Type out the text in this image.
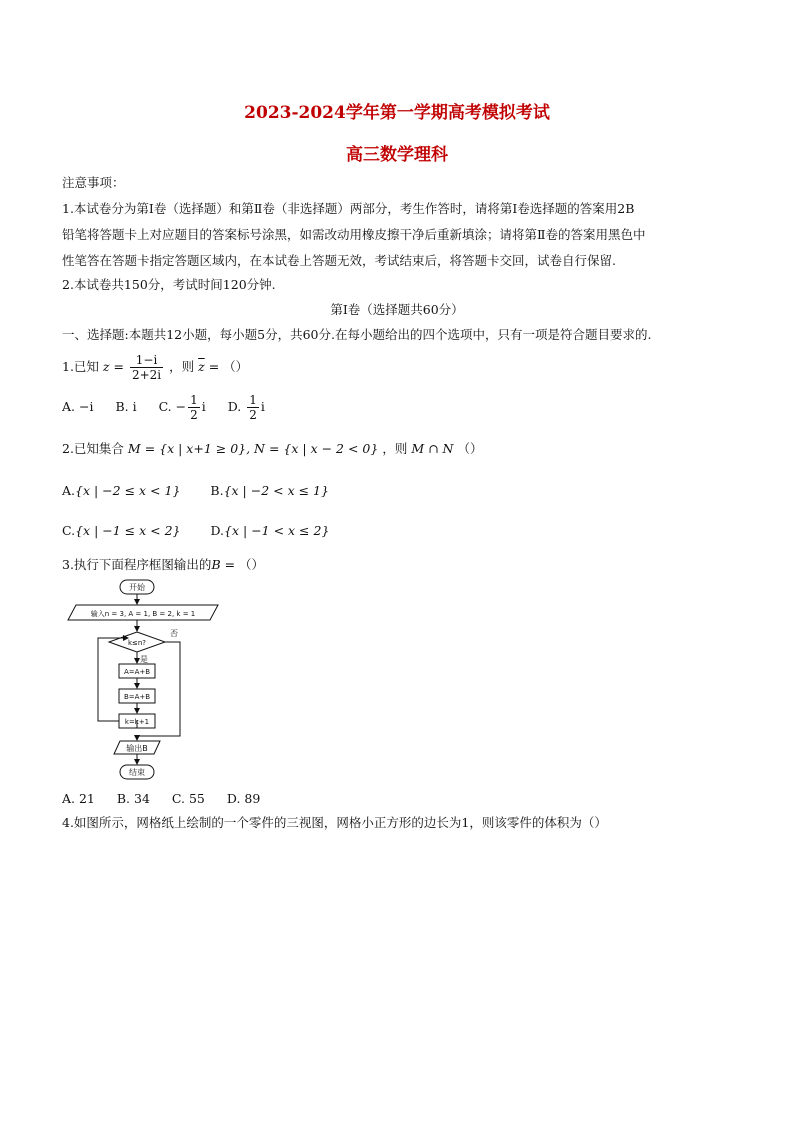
2023-2024学年第一学期高考模拟考试
高三数学理科
注意事项：
1.本试卷分为第Ⅰ卷（选择题）和第Ⅱ卷（非选择题）两部分，考生作答时，请将第Ⅰ卷选择题的答案用2B
铅笔将答题卡上对应题目的答案标号涂黑，如需改动用橡皮擦干净后重新填涂；请将第Ⅱ卷的答案用黑色中
性笔答在答题卡指定答题区域内，在本试卷上答题无效，考试结束后，将答题卡交回，试卷自行保留.
2.本试卷共150分，考试时间120分钟.
第Ⅰ卷（选择题共60分）
一、选择题:本题共12小题，每小题5分，共60分.在每小题给出的四个选项中，只有一项是符合题目要求的.
1.已知 $z = \frac{1-i}{2+2i}$ ，则 $\overline{z}$ = （）
A. −i B. i C. − $\frac{1}{2}$ i D. $\frac{1}{2}$ i
2.已知集合 M = {x | x+1 ≥ 0}, N = {x | x − 2 < 0} ，则 M ∩ N （）
A.{x | −2 ≤ x < 1} B.{x | −2 < x ≤ 1}
C.{x | −1 ≤ x < 2} D.{x | −1 < x ≤ 2}
3.执行下面程序框图输出的B = （）
开始
输入n = 3, A = 1, B = 2, k = 1
k≤n?
否
是
A=A+B
B=A+B
k=k+1
输出B
结束
A. 21 B. 34 C. 55 D. 89
4.如图所示，网格纸上绘制的一个零件的三视图，网格小正方形的边长为1，则该零件的体积为（）
